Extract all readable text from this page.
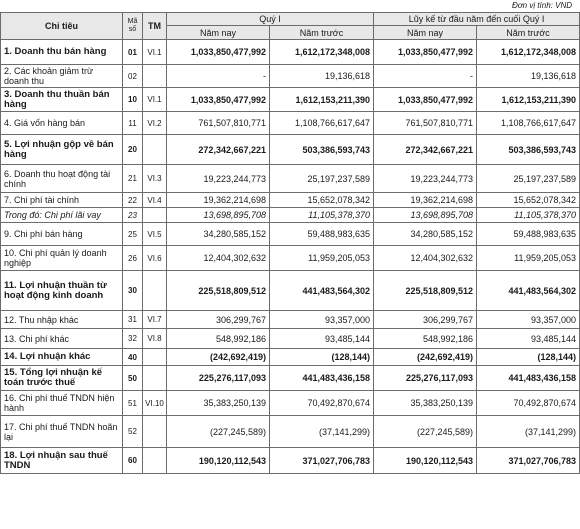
Đơn vị tính: VND
Chỉ tiêu	Mã số	TM	Quý I		Lũy kế từ đầu năm đến cuối Quý I	
			Năm nay	Năm trước	Năm nay	Năm trước
1. Doanh thu bán hàng	01	VI.1	1,033,850,477,992	1,612,172,348,008	1,033,850,477,992	1,612,172,348,008
2. Các khoản giảm trừ doanh thu	02		-	19,136,618	-	19,136,618
3. Doanh thu thuần bán hàng	10	VI.1	1,033,850,477,992	1,612,153,211,390	1,033,850,477,992	1,612,153,211,390
4. Giá vốn hàng bán	11	VI.2	761,507,810,771	1,108,766,617,647	761,507,810,771	1,108,766,617,647
5. Lợi nhuận gộp về bán hàng	20		272,342,667,221	503,386,593,743	272,342,667,221	503,386,593,743
6. Doanh thu hoạt động tài chính	21	VI.3	19,223,244,773	25,197,237,589	19,223,244,773	25,197,237,589
7. Chi phí tài chính	22	VI.4	19,362,214,698	15,652,078,342	19,362,214,698	15,652,078,342
Trong đó: Chi phí lãi vay	23		13,698,895,708	11,105,378,370	13,698,895,708	11,105,378,370
9. Chi phí bán hàng	25	VI.5	34,280,585,152	59,488,983,635	34,280,585,152	59,488,983,635
10. Chi phí quản lý doanh nghiệp	26	VI.6	12,404,302,632	11,959,205,053	12,404,302,632	11,959,205,053
11. Lợi nhuận thuần từ hoạt động kinh doanh	30		225,518,809,512	441,483,564,302	225,518,809,512	441,483,564,302
12. Thu nhập khác	31	VI.7	306,299,767	93,357,000	306,299,767	93,357,000
13. Chi phí khác	32	VI.8	548,992,186	93,485,144	548,992,186	93,485,144
14. Lợi nhuận khác	40		(242,692,419)	(128,144)	(242,692,419)	(128,144)
15. Tổng lợi nhuận kế toán trước thuế	50		225,276,117,093	441,483,436,158	225,276,117,093	441,483,436,158
16. Chi phí thuế TNDN hiện hành	51	VI.10	35,383,250,139	70,492,870,674	35,383,250,139	70,492,870,674
17. Chi phí thuế TNDN hoãn lại	52		(227,245,589)	(37,141,299)	(227,245,589)	(37,141,299)
18. Lợi nhuận sau thuế TNDN	60		190,120,112,543	371,027,706,783	190,120,112,543	371,027,706,783
